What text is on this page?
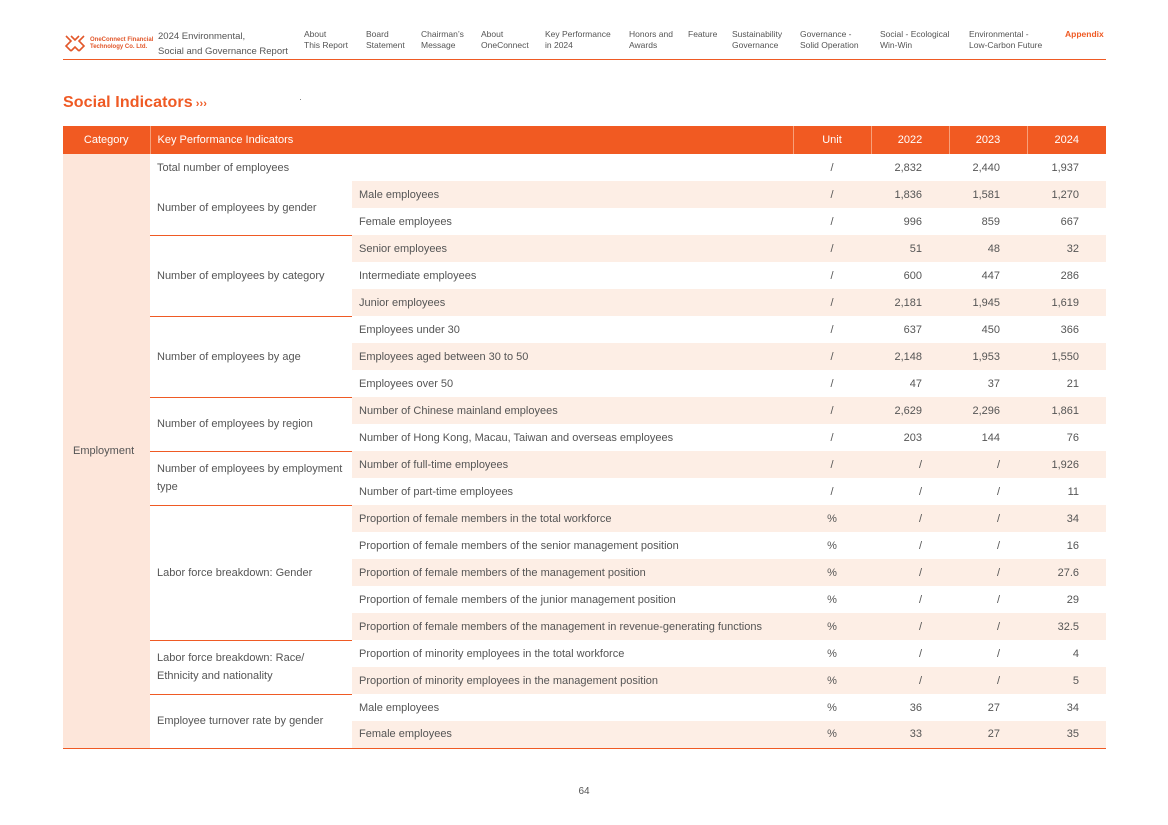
OneConnect Financial
Technology Co. Ltd.
2024 Environmental,
Social and Governance Report
About
This Report
Board
Statement
Chairman’s
Message
About
OneConnect
Key Performance
in 2024
Honors and
Awards
Feature Sustainability
Governance
Governance -
Solid Operation
Social - Ecological
Win-Win
Environmental -
Low-Carbon Future
Appendix
Social Indicators ›››
Category	Key Performance Indicators		Unit	2022	2023	2024
Employment	Total number of employees		/	2,832	2,440	1,937
	Number of employees by gender	Male employees	/	1,836	1,581	1,270
		Female employees	/	996	859	667
	Number of employees by category	Senior employees	/	51	48	32
		Intermediate employees	/	600	447	286
		Junior employees	/	2,181	1,945	1,619
	Number of employees by age	Employees under 30	/	637	450	366
		Employees aged between 30 to 50	/	2,148	1,953	1,550
		Employees over 50	/	47	37	21
	Number of employees by region	Number of Chinese mainland employees	/	2,629	2,296	1,861
		Number of Hong Kong, Macau, Taiwan and overseas employees	/	203	144	76
	Number of employees by employment type	Number of full-time employees	/	/	/	1,926
		Number of part-time employees	/	/	/	11
	Labor force breakdown: Gender	Proportion of female members in the total workforce	%	/	/	34
		Proportion of female members of the senior management position	%	/	/	16
		Proportion of female members of the management position	%	/	/	27.6
		Proportion of female members of the junior management position	%	/	/	29
		Proportion of female members of the management in revenue-generating functions	%	/	/	32.5
	Labor force breakdown: Race/ Ethnicity and nationality	Proportion of minority employees in the total workforce	%	/	/	4
		Proportion of minority employees in the management position	%	/	/	5
	Employee turnover rate by gender	Male employees	%	36	27	34
		Female employees	%	33	27	35
64
